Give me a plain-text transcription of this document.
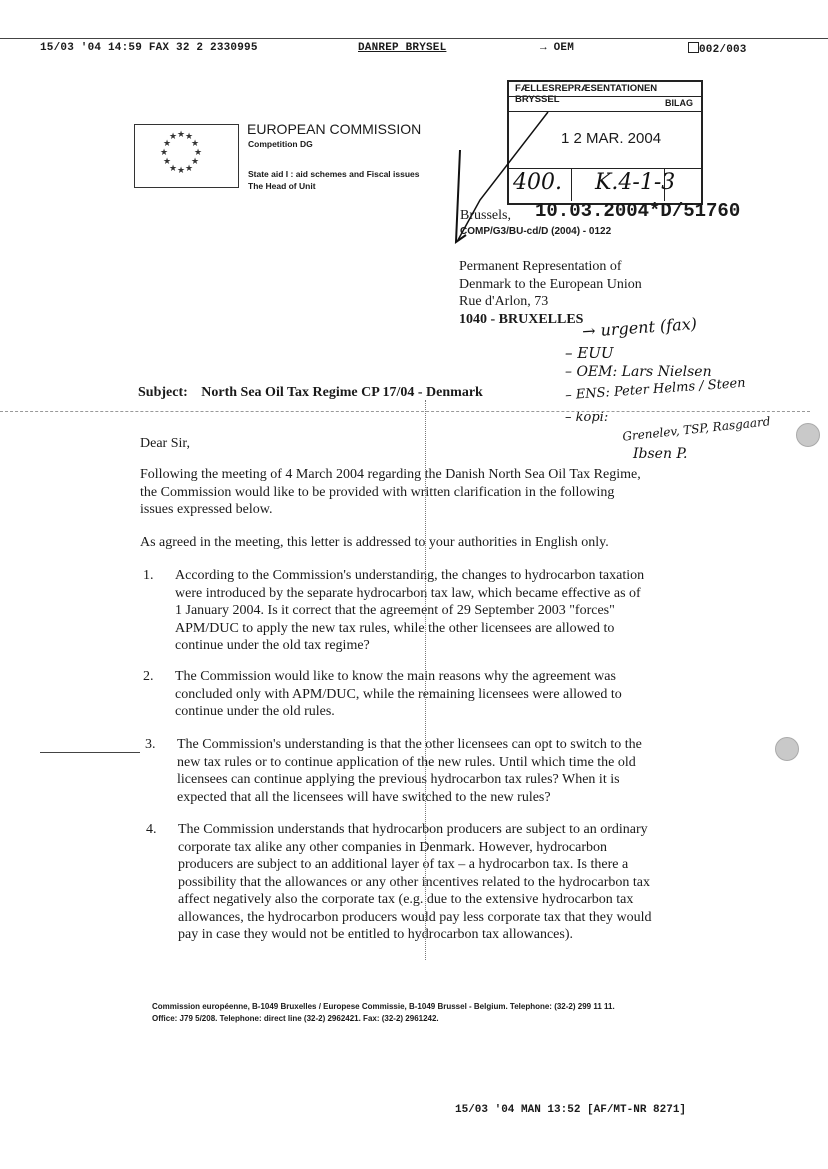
15/03 '04 14:59 FAX 32 2 2330995	DANREP BRYSEL	→ OEM	002/003
★ ★ ★
★ ★
★	★
★ ★
★ ★ ★
EUROPEAN COMMISSION
Competition DG
State aid I : aid schemes and Fiscal issues
The Head of Unit
FÆLLESREPRÆSENTATIONEN BRYSSEL	BILAG
1 2 MAR. 2004
400. K.4-1-3
Brussels, 10.03.2004*D/51760
COMP/G3/BU-cd/D (2004) - 0122
Permanent Representation of
Denmark to the European Union
Rue d'Arlon, 73
1040 - BRUXELLES
→ urgent (fax)
– EUU
– OEM: Lars Nielsen
– ENS: Peter Helms / Steen
– kopi: Grenelev, TSP, Rasgaard
Ibsen P.
Subject: North Sea Oil Tax Regime CP 17/04 - Denmark
Dear Sir,
Following the meeting of 4 March 2004 regarding the Danish North Sea Oil Tax Regime,
the Commission would like to be provided with written clarification in the following
issues expressed below.
As agreed in the meeting, this letter is addressed to your authorities in English only.
1. According to the Commission's understanding, the changes to hydrocarbon taxation
were introduced by the separate hydrocarbon tax law, which became effective as of
1 January 2004. Is it correct that the agreement of 29 September 2003 "forces"
APM/DUC to apply the new tax rules, while the other licensees are allowed to
continue under the old tax regime?
2. The Commission would like to know the main reasons why the agreement was
concluded only with APM/DUC, while the remaining licensees were allowed to
continue under the old rules.
3. The Commission's understanding is that the other licensees can opt to switch to the
new tax rules or to continue application of the new rules. Until which time the old
licensees can continue applying the previous hydrocarbon tax rules? When it is
expected that all the licensees will have switched to the new rules?
4. The Commission understands that hydrocarbon producers are subject to an ordinary
corporate tax alike any other companies in Denmark. However, hydrocarbon
producers are subject to an additional layer of tax – a hydrocarbon tax. Is there a
possibility that the allowances or any other incentives related to the hydrocarbon tax
affect negatively also the corporate tax (e.g. due to the extensive hydrocarbon tax
allowances, the hydrocarbon producers would pay less corporate tax that they would
pay in case they would not be entitled to hydrocarbon tax allowances).
Commission européenne, B-1049 Bruxelles / Europese Commissie, B-1049 Brussel - Belgium. Telephone: (32-2) 299 11 11.
Office: J79 5/208. Telephone: direct line (32-2) 2962421. Fax: (32-2) 2961242.
15/03 '04 MAN 13:52 [AF/MT-NR 8271]
